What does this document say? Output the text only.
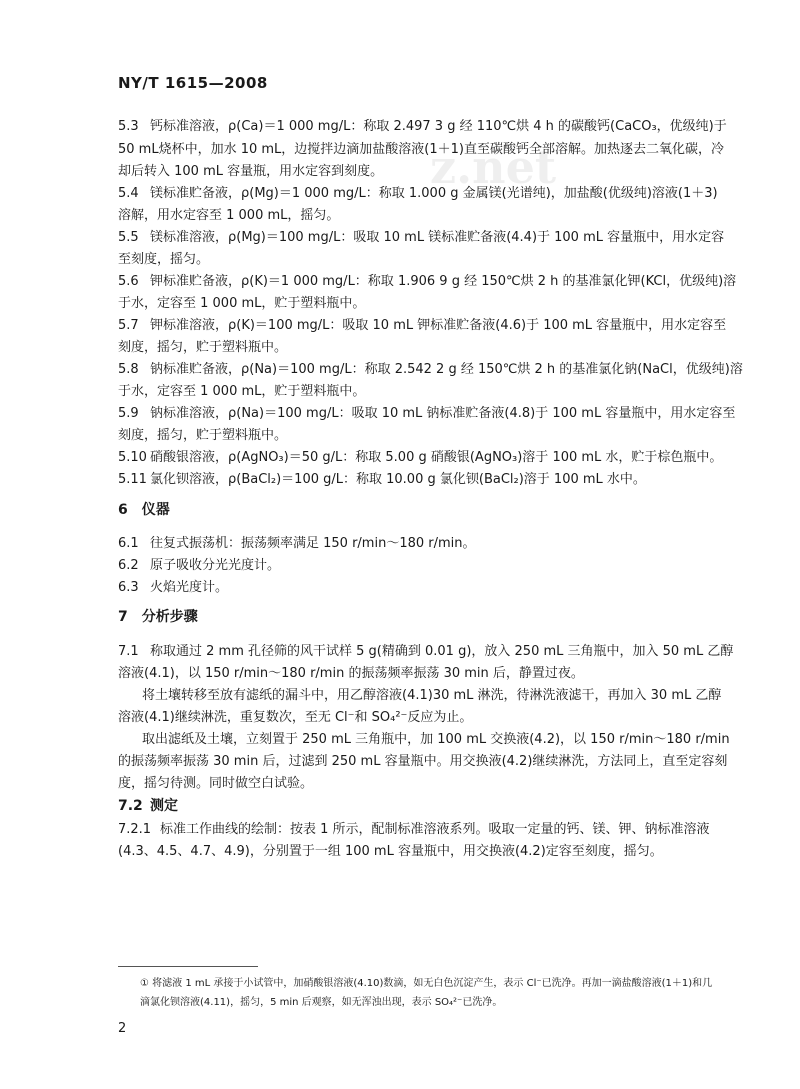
z.net
NY/T 1615—2008
5.3 钙标准溶液，ρ(Ca)＝1 000 mg/L：称取 2.497 3 g 经 110℃烘 4 h 的碳酸钙(CaCO₃，优级纯)于
50 mL烧杯中，加水 10 mL，边搅拌边滴加盐酸溶液(1＋1)直至碳酸钙全部溶解。加热逐去二氧化碳，冷
却后转入 100 mL 容量瓶，用水定容到刻度。
5.4 镁标准贮备液，ρ(Mg)＝1 000 mg/L：称取 1.000 g 金属镁(光谱纯)，加盐酸(优级纯)溶液(1＋3)
溶解，用水定容至 1 000 mL，摇匀。
5.5 镁标准溶液，ρ(Mg)＝100 mg/L：吸取 10 mL 镁标准贮备液(4.4)于 100 mL 容量瓶中，用水定容
至刻度，摇匀。
5.6 钾标准贮备液，ρ(K)＝1 000 mg/L：称取 1.906 9 g 经 150℃烘 2 h 的基准氯化钾(KCl，优级纯)溶
于水，定容至 1 000 mL，贮于塑料瓶中。
5.7 钾标准溶液，ρ(K)＝100 mg/L：吸取 10 mL 钾标准贮备液(4.6)于 100 mL 容量瓶中，用水定容至
刻度，摇匀，贮于塑料瓶中。
5.8 钠标准贮备液，ρ(Na)＝100 mg/L：称取 2.542 2 g 经 150℃烘 2 h 的基准氯化钠(NaCl，优级纯)溶
于水，定容至 1 000 mL，贮于塑料瓶中。
5.9 钠标准溶液，ρ(Na)＝100 mg/L：吸取 10 mL 钠标准贮备液(4.8)于 100 mL 容量瓶中，用水定容至
刻度，摇匀，贮于塑料瓶中。
5.10 硝酸银溶液，ρ(AgNO₃)＝50 g/L：称取 5.00 g 硝酸银(AgNO₃)溶于 100 mL 水，贮于棕色瓶中。
5.11 氯化钡溶液，ρ(BaCl₂)＝100 g/L：称取 10.00 g 氯化钡(BaCl₂)溶于 100 mL 水中。
6　仪器
6.1 往复式振荡机：振荡频率满足 150 r/min～180 r/min。
6.2 原子吸收分光光度计。
6.3 火焰光度计。
7　分析步骤
7.1 称取通过 2 mm 孔径筛的风干试样 5 g(精确到 0.01 g)，放入 250 mL 三角瓶中，加入 50 mL 乙醇
溶液(4.1)，以 150 r/min～180 r/min 的振荡频率振荡 30 min 后，静置过夜。
将土壤转移至放有滤纸的漏斗中，用乙醇溶液(4.1)30 mL 淋洗，待淋洗液滤干，再加入 30 mL 乙醇
溶液(4.1)继续淋洗，重复数次，至无 Cl⁻和 SO₄²⁻反应为止。
取出滤纸及土壤，立刻置于 250 mL 三角瓶中，加 100 mL 交换液(4.2)，以 150 r/min～180 r/min
的振荡频率振荡 30 min 后，过滤到 250 mL 容量瓶中。用交换液(4.2)继续淋洗，方法同上，直至定容刻
度，摇匀待测。同时做空白试验。
7.2 测定
7.2.1 标准工作曲线的绘制：按表 1 所示，配制标准溶液系列。吸取一定量的钙、镁、钾、钠标准溶液
(4.3、4.5、4.7、4.9)，分别置于一组 100 mL 容量瓶中，用交换液(4.2)定容至刻度，摇匀。
① 将滤液 1 mL 承接于小试管中，加硝酸银溶液(4.10)数滴，如无白色沉淀产生，表示 Cl⁻已洗净。再加一滴盐酸溶液(1＋1)和几
滴氯化钡溶液(4.11)，摇匀，5 min 后观察，如无浑浊出现，表示 SO₄²⁻已洗净。
2
